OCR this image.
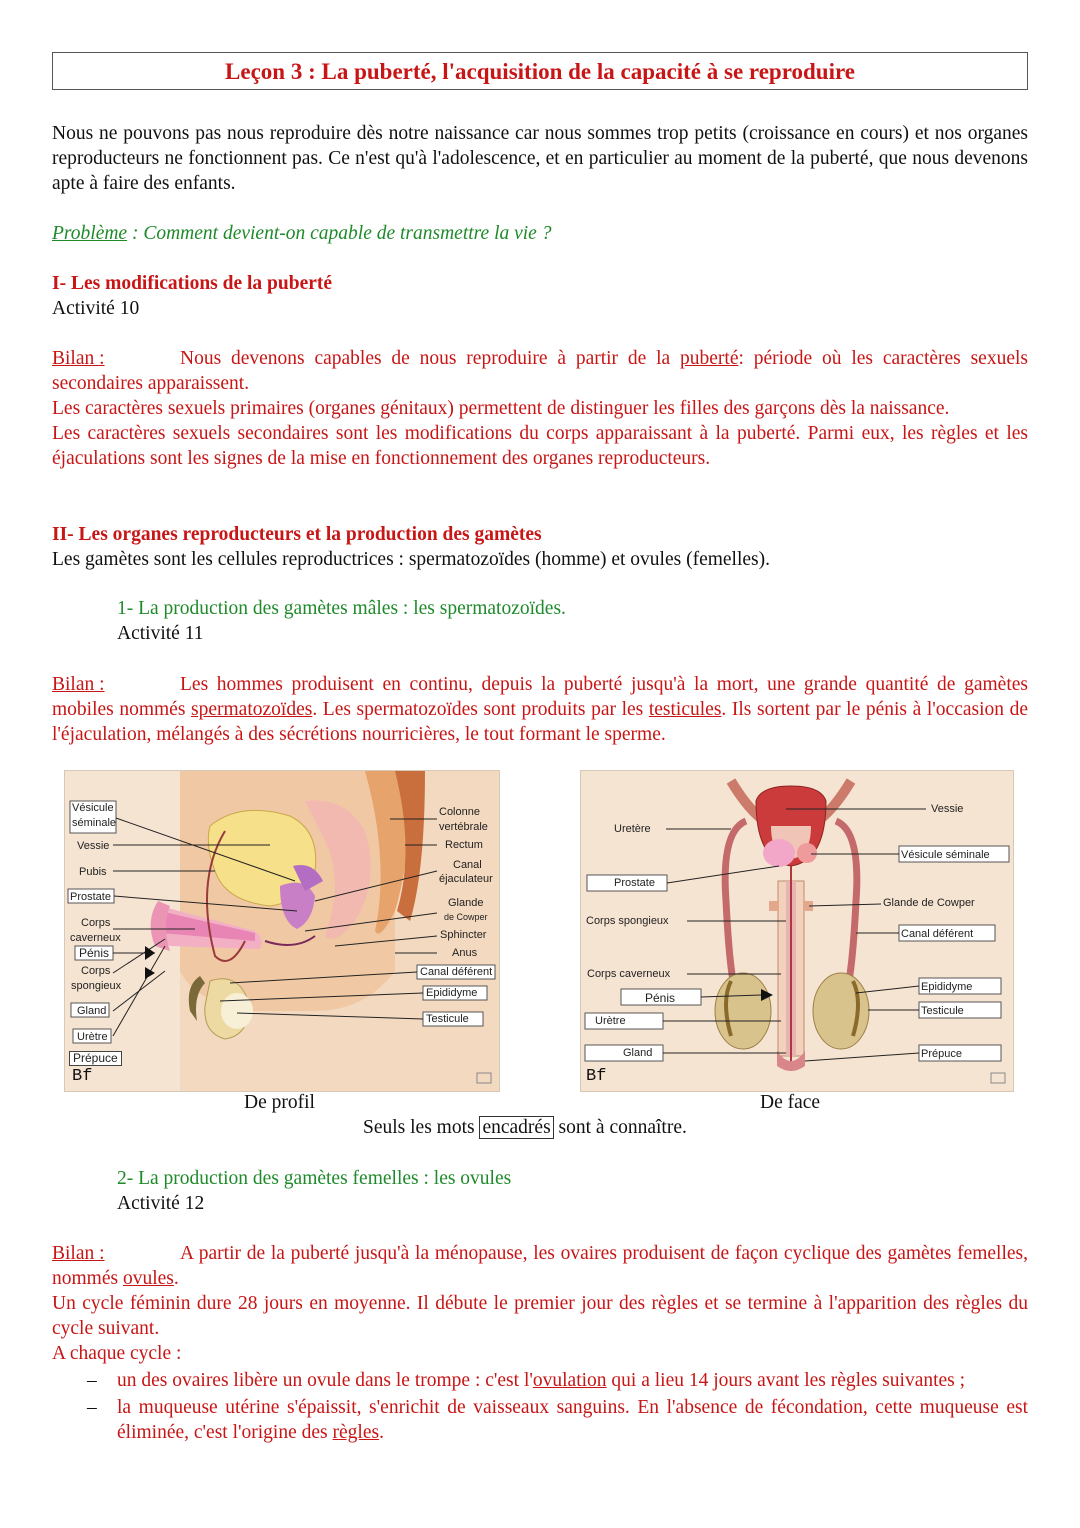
Leçon 3 : La puberté, l'acquisition de la capacité à se reproduire
Nous ne pouvons pas nous reproduire dès notre naissance car nous sommes trop petits (croissance en cours) et nos organes reproducteurs ne fonctionnent pas. Ce n'est qu'à l'adolescence, et en particulier au moment de la puberté, que nous devenons apte à faire des enfants.
Problème : Comment devient-on capable de transmettre la vie ?
I- Les modifications de la puberté
Activité 10
Bilan :	Nous devenons capables de nous reproduire à partir de la puberté: période où les caractères sexuels secondaires apparaissent.
Les caractères sexuels primaires (organes génitaux) permettent de distinguer les filles des garçons dès la naissance.
Les caractères sexuels secondaires sont les modifications du corps apparaissant à la puberté. Parmi eux, les règles et les éjaculations sont les signes de la mise en fonctionnement des organes reproducteurs.
II- Les organes reproducteurs et la production des gamètes
Les gamètes sont les cellules reproductrices : spermatozoïdes (homme) et ovules (femelles).
1- La production des gamètes mâles : les spermatozoïdes.
Activité 11
Bilan :	Les hommes produisent en continu, depuis la puberté jusqu'à la mort, une grande quantité de gamètes mobiles nommés spermatozoïdes. Les spermatozoïdes sont produits par les testicules. Ils sortent par le pénis à l'occasion de l'éjaculation, mélangés à des sécrétions nourricières, le tout formant le sperme.
Vésicule
séminale
Vessie
Pubis
Prostate
Corps
caverneux
Pénis
Corps
spongieux
Gland
Urètre
Prépuce
Colonne
vertébrale
Rectum
Canal
éjaculateur
Glande
de Cowper
Sphincter
Anus
Canal déférent
Epididyme
Testicule
Bf
Uretère
Prostate
Corps spongieux
Corps caverneux
Pénis
Urètre
Gland
Vessie
Vésicule séminale
Glande de Cowper
Canal déférent
Epididyme
Testicule
Prépuce
Bf
De profil	De face
Seuls les mots encadrés sont à connaître.
2- La production des gamètes femelles : les ovules
Activité 12
Bilan :	A partir de la puberté jusqu'à la ménopause, les ovaires produisent de façon cyclique des gamètes femelles, nommés ovules.
Un cycle féminin dure 28 jours en moyenne. Il débute le premier jour des règles et se termine à l'apparition des règles du cycle suivant.
A chaque cycle :
– un des ovaires libère un ovule dans le trompe : c'est l'ovulation qui a lieu 14 jours avant les règles suivantes ;
– la muqueuse utérine s'épaissit, s'enrichit de vaisseaux sanguins. En l'absence de fécondation, cette muqueuse est éliminée, c'est l'origine des règles.
